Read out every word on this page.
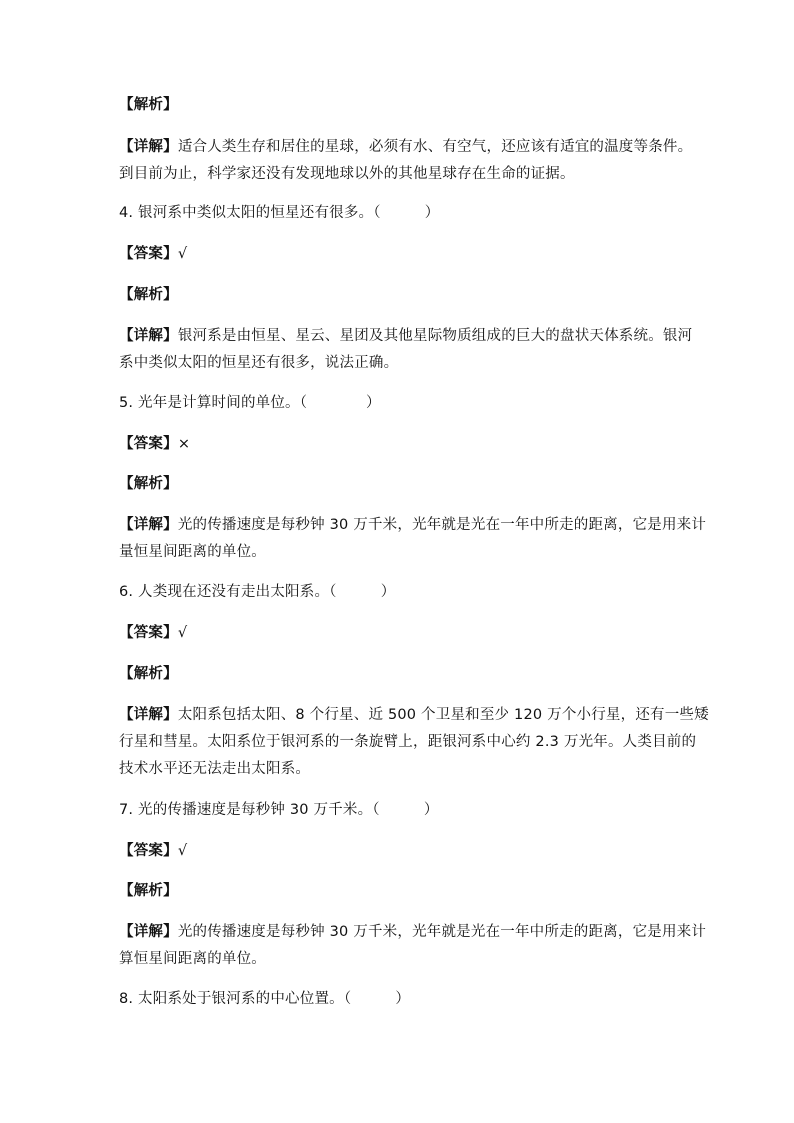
【解析】
【详解】适合人类生存和居住的星球，必须有水、有空气，还应该有适宜的温度等条件。
到目前为止，科学家还没有发现地球以外的其他星球存在生命的证据。
4. 银河系中类似太阳的恒星还有很多。（　　　）
【答案】√
【解析】
【详解】银河系是由恒星、星云、星团及其他星际物质组成的巨大的盘状天体系统。银河
系中类似太阳的恒星还有很多，说法正确。
5. 光年是计算时间的单位。（　　　　）
【答案】×
【解析】
【详解】光的传播速度是每秒钟 30 万千米，光年就是光在一年中所走的距离，它是用来计
量恒星间距离的单位。
6. 人类现在还没有走出太阳系。（　　　）
【答案】√
【解析】
【详解】太阳系包括太阳、8 个行星、近 500 个卫星和至少 120 万个小行星，还有一些矮
行星和彗星。太阳系位于银河系的一条旋臂上，距银河系中心约 2.3 万光年。人类目前的
技术水平还无法走出太阳系。
7. 光的传播速度是每秒钟 30 万千米。（　　　）
【答案】√
【解析】
【详解】光的传播速度是每秒钟 30 万千米，光年就是光在一年中所走的距离，它是用来计
算恒星间距离的单位。
8. 太阳系处于银河系的中心位置。（　　　）
